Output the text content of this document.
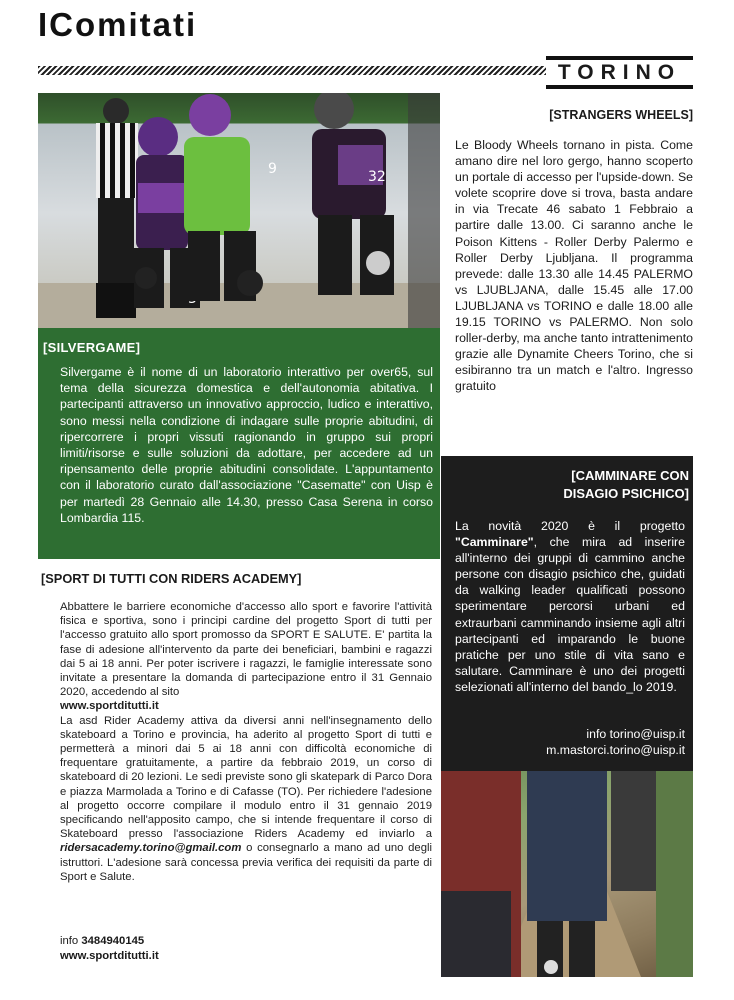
IComitati
TORINO
9	32
[SILVERGAME]
Silvergame è il nome di un laboratorio interattivo per over65, sul tema della sicurezza domestica e dell'autonomia abitativa. I partecipanti attraverso un innovativo approccio, ludico e interattivo, sono messi nella condizione di indagare sulle proprie abitudini, di ripercorrere i propri vissuti ragionando in gruppo sui propri limiti/risorse e sulle soluzioni da adottare, per accedere ad un ripensamento delle proprie abitudini consolidate. L'appuntamento con il laboratorio curato dall'associazione "Casematte" con Uisp è per martedì 28 Gennaio alle 14.30, presso Casa Serena in corso Lombardia 115.
[STRANGERS WHEELS]
Le Bloody Wheels tornano in pista. Come amano dire nel loro gergo, hanno scoperto un portale di accesso per l'upside-down. Se volete scoprire dove si trova, basta andare in via Trecate 46 sabato 1 Febbraio a partire dalle 13.00. Ci saranno anche le Poison Kittens - Roller Derby Palermo e Roller Derby Ljubljana. Il programma prevede: dalle 13.30 alle 14.45 PALERMO vs LJUBLJANA, dalle 15.45 alle 17.00 LJUBLJANA vs TORINO e dalle 18.00 alle 19.15 TORINO vs PALERMO. Non solo roller-derby, ma anche tanto intrattenimento grazie alle Dynamite Cheers Torino, che si esibiranno tra un match e l'altro. Ingresso gratuito
[CAMMINARE CON
DISAGIO PSICHICO]
La novità 2020 è il progetto "Camminare", che mira ad inserire all'interno dei gruppi di cammino anche persone con disagio psichico che, guidati da walking leader qualificati possono sperimentare percorsi urbani ed extraurbani camminando insieme agli altri partecipanti ed imparando le buone pratiche per uno stile di vita sano e salutare. Camminare è uno dei progetti selezionati all'interno del bando_lo 2019.
info torino@uisp.it
m.mastorci.torino@uisp.it
[SPORT DI TUTTI CON RIDERS ACADEMY]

Abbattere le barriere economiche d'accesso allo sport e favorire l'attività fisica e sportiva, sono i principi cardine del progetto Sport di tutti per l'accesso gratuito allo sport promosso da SPORT E SALUTE. E' partita la fase di adesione all'intervento da parte dei beneficiari, bambini e ragazzi dai 5 ai 18 anni. Per poter iscrivere i ragazzi, le famiglie interessate sono invitate a presentare la domanda di partecipazione entro il 31 Gennaio 2020, accedendo al sito

www.sportditutti.it

La asd Rider Academy attiva da diversi anni nell'insegnamento dello skateboard a Torino e provincia, ha aderito al progetto Sport di tutti e permetterà a minori dai 5 ai 18 anni con difficoltà economiche di frequentare gratuitamente, a partire da febbraio 2019, un corso di skateboard di 20 lezioni. Le sedi previste sono gli skatepark di Parco Dora e piazza Marmolada a Torino e di Cafasse (TO). Per richiedere l'adesione al progetto occorre compilare il modulo entro il 31 gennaio 2019 specificando nell'apposito campo, che si intende frequentare il corso di Skateboard presso l'associazione Riders Academy ed inviarlo a ridersacademy.torino@gmail.com o consegnarlo a mano ad uno degli istruttori. L'adesione sarà concessa previa verifica dei requisiti da parte di Sport e Salute.

info 3484940145
www.sportditutti.it
